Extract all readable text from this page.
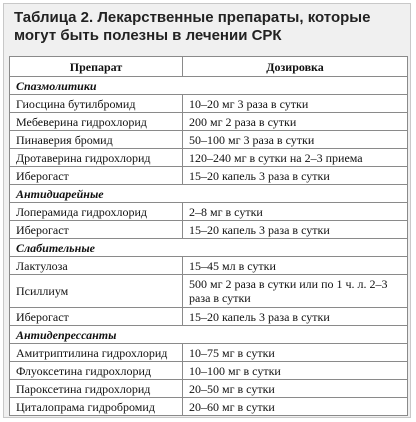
Таблица 2. Лекарственные препараты, которые могут быть полезны в лечении СРК
Препарат	Дозировка
Спазмолитики	
Гиосцина бутилбромид	10–20 мг 3 раза в сутки
Мебеверина гидрохлорид	200 мг 2 раза в сутки
Пинаверия бромид	50–100 мг 3 раза в сутки
Дротаверина гидрохлорид	120–240 мг в сутки на 2–3 приема
Иберогаст	15–20 капель 3 раза в сутки
Антидиарейные	
Лоперамида гидрохлорид	2–8 мг в сутки
Иберогаст	15–20 капель 3 раза в сутки
Слабительные	
Лактулоза	15–45 мл в сутки
Псиллиум	500 мг 2 раза в сутки или по 1 ч. л. 2–3 раза в сутки
Иберогаст	15–20 капель 3 раза в сутки
Антидепрессанты	
Амитриптилина гидрохлорид	10–75 мг в сутки
Флуоксетина гидрохлорид	10–100 мг в сутки
Пароксетина гидрохлорид	20–50 мг в сутки
Циталопрама гидробромид	20–60 мг в сутки
